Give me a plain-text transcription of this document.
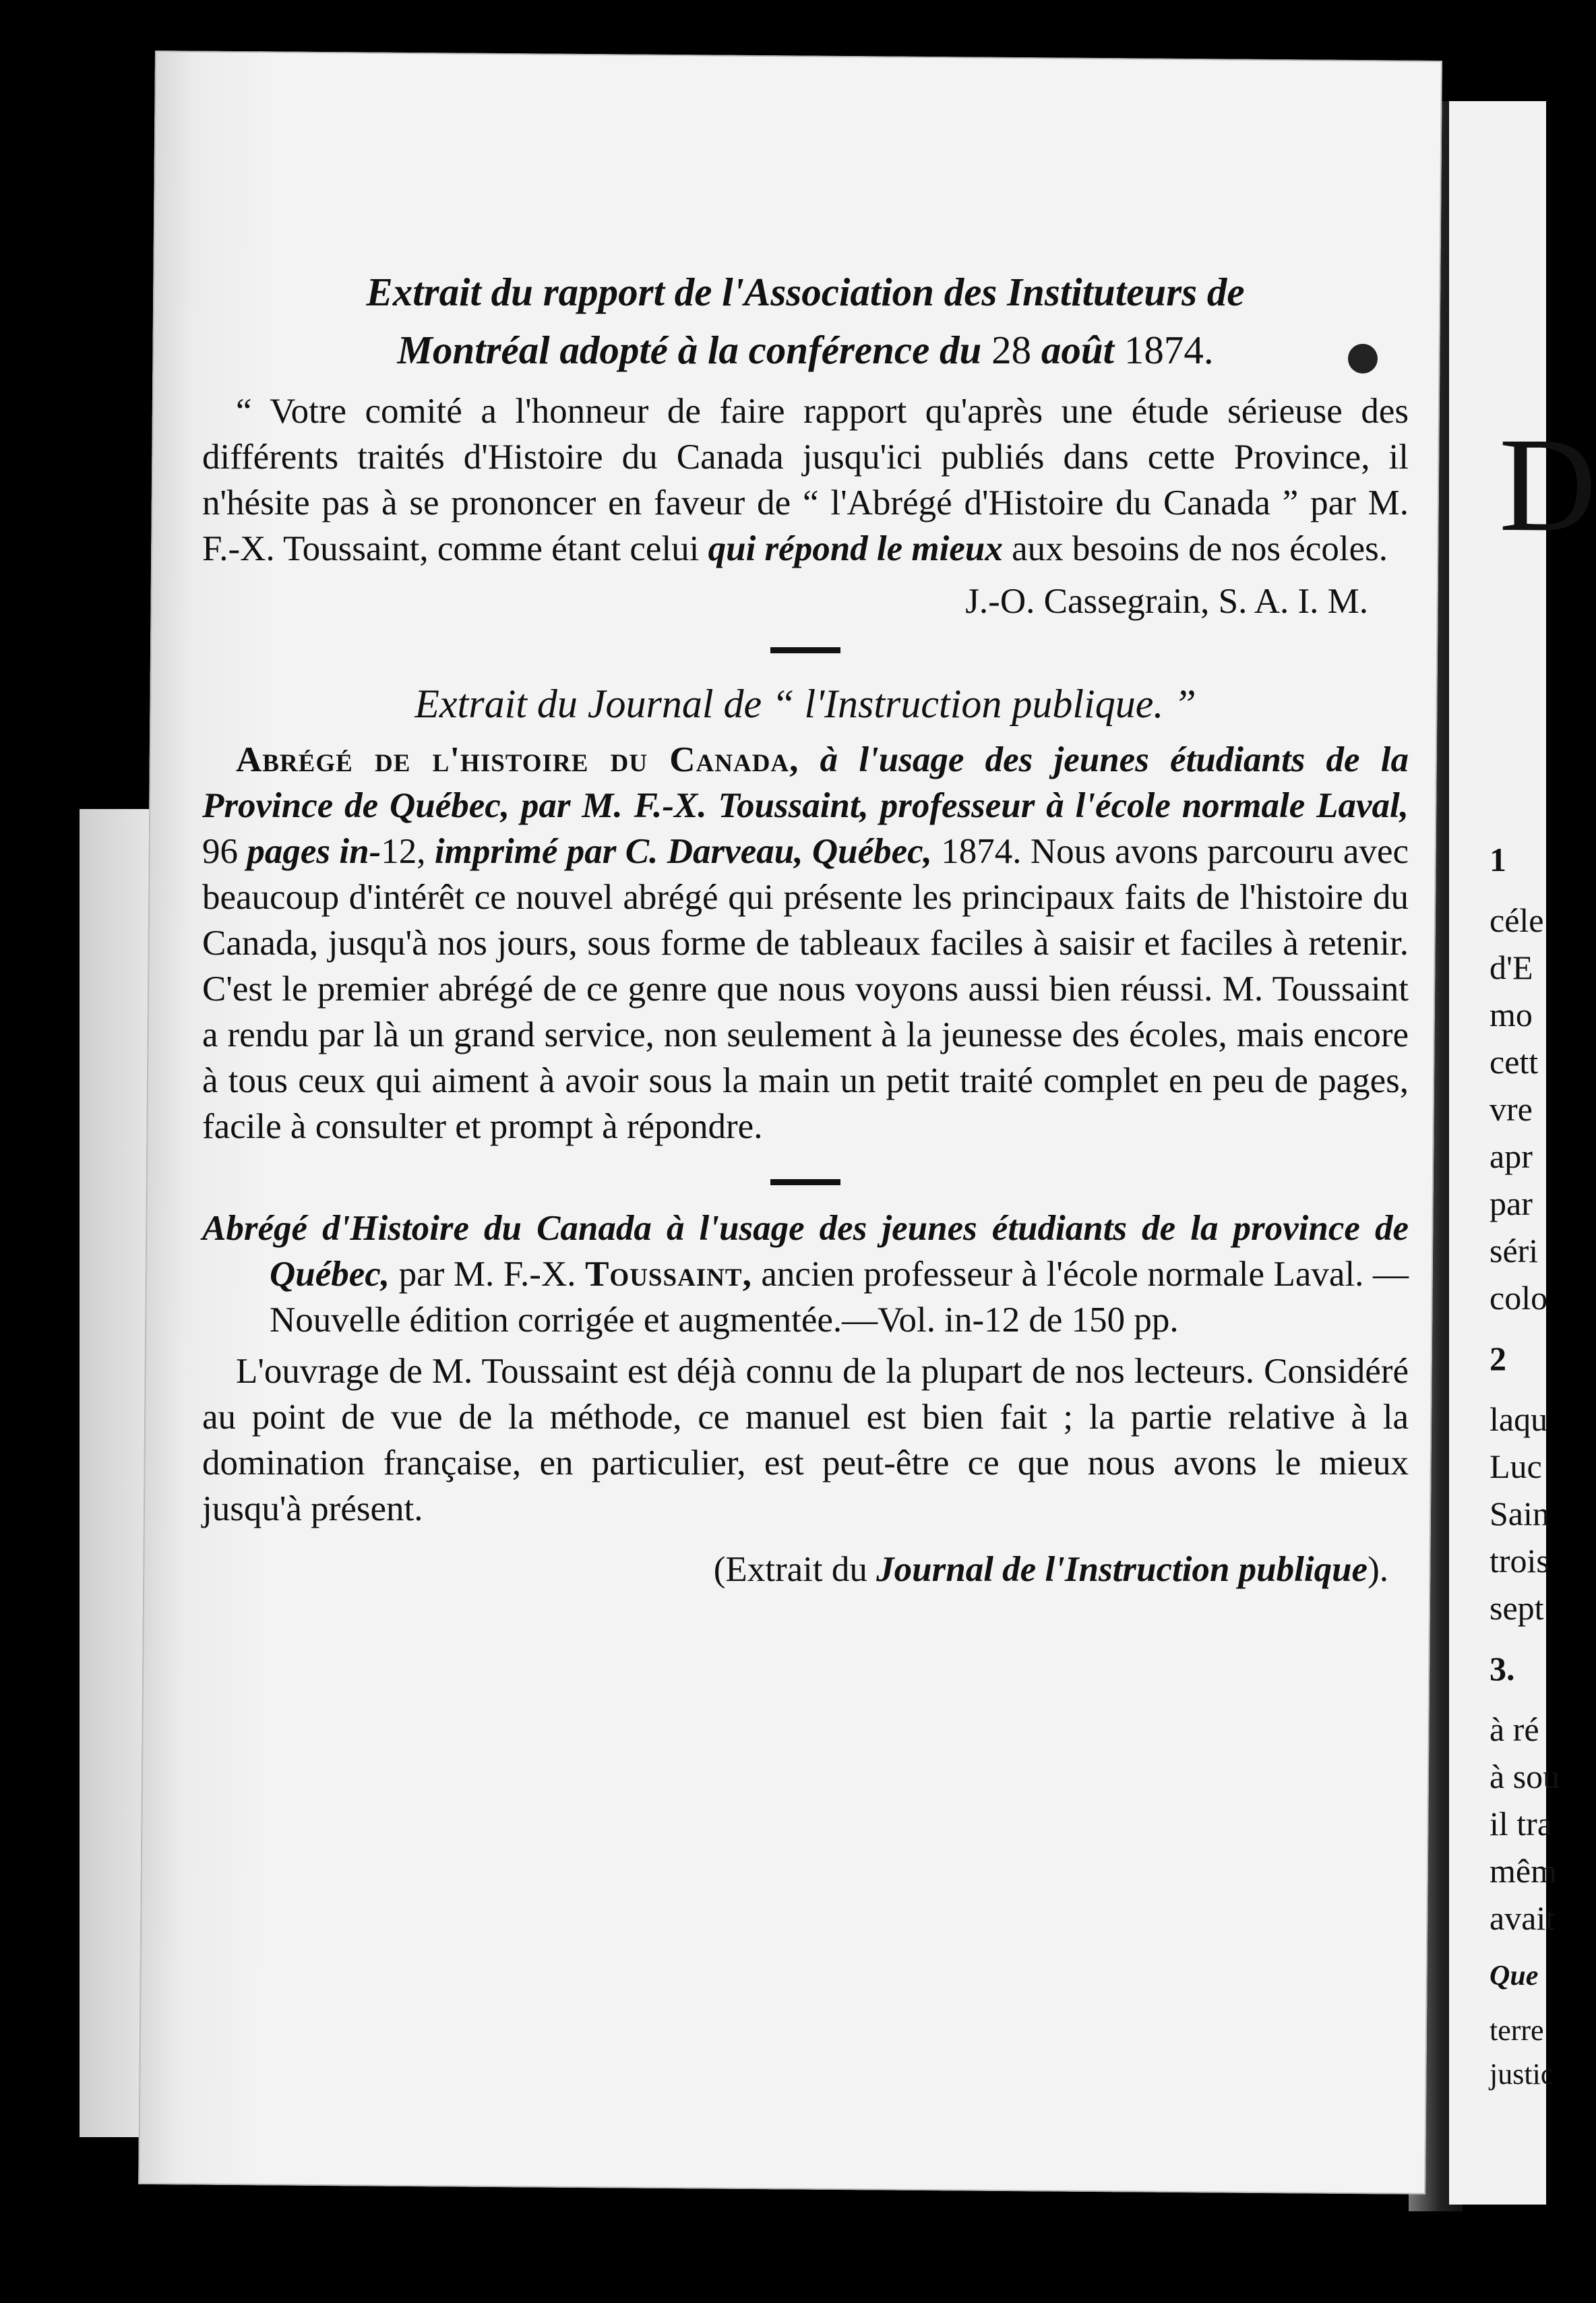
D
1
céle
d'E
mo
cett
vre
apr
par
séri
colo
2
laqu
Luc
Sain
trois
sept
3.
à ré
à sou
il tra
mêm
avait
Que
terre
justic

Extrait du rapport de l'Association des Instituteurs de
Montréal adopté à la conférence du 28 août 1874.

“ Votre comité a l'honneur de faire rapport qu'après une étude sérieuse des différents traités d'Histoire du Canada jusqu'ici publiés dans cette Province, il n'hésite pas à se prononcer en faveur de “ l'Abrégé d'Histoire du Canada ” par M. F.-X. Toussaint, comme étant celui qui répond le mieux aux besoins de nos écoles.

J.-O. Cassegrain, S. A. I. M.

Extrait du Journal de “ l'Instruction publique. ”

Abrégé de l'histoire du Canada, à l'usage des jeunes étudiants de la Province de Québec, par M. F.-X. Toussaint, professeur à l'école normale Laval, 96 pages in-12, imprimé par C. Darveau, Québec, 1874. Nous avons parcouru avec beaucoup d'intérêt ce nouvel abrégé qui présente les principaux faits de l'histoire du Canada, jusqu'à nos jours, sous forme de tableaux faciles à saisir et faciles à retenir. C'est le premier abrégé de ce genre que nous voyons aussi bien réussi. M. Toussaint a rendu par là un grand service, non seulement à la jeunesse des écoles, mais encore à tous ceux qui aiment à avoir sous la main un petit traité complet en peu de pages, facile à consulter et prompt à répondre.

Abrégé d'Histoire du Canada à l'usage des jeunes étudiants de la province de Québec, par M. F.-X. Toussaint, ancien professeur à l'école normale Laval. — Nouvelle édition corrigée et augmentée.—Vol. in-12 de 150 pp.

L'ouvrage de M. Toussaint est déjà connu de la plupart de nos lecteurs. Considéré au point de vue de la méthode, ce manuel est bien fait ; la partie relative à la domination française, en particulier, est peut-être ce que nous avons le mieux jusqu'à présent.

(Extrait du Journal de l'Instruction publique).
